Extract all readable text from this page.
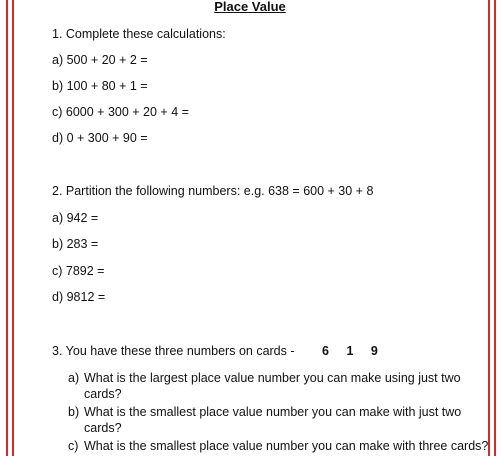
Place Value
1. Complete these calculations:
a) 500 + 20 + 2 =
b) 100 + 80 + 1 =
c) 6000 + 300 + 20 + 4 =
d) 0 + 300 + 90 =
2. Partition the following numbers: e.g. 638 = 600 + 30 + 8
a) 942 =
b) 283 =
c) 7892 =
d) 9812 =
3. You have these three numbers on cards - 6 1 9
a) What is the largest place value number you can make using just two cards?
b) What is the smallest place value number you can make with just two cards?
c) What is the smallest place value number you can make with three cards?
